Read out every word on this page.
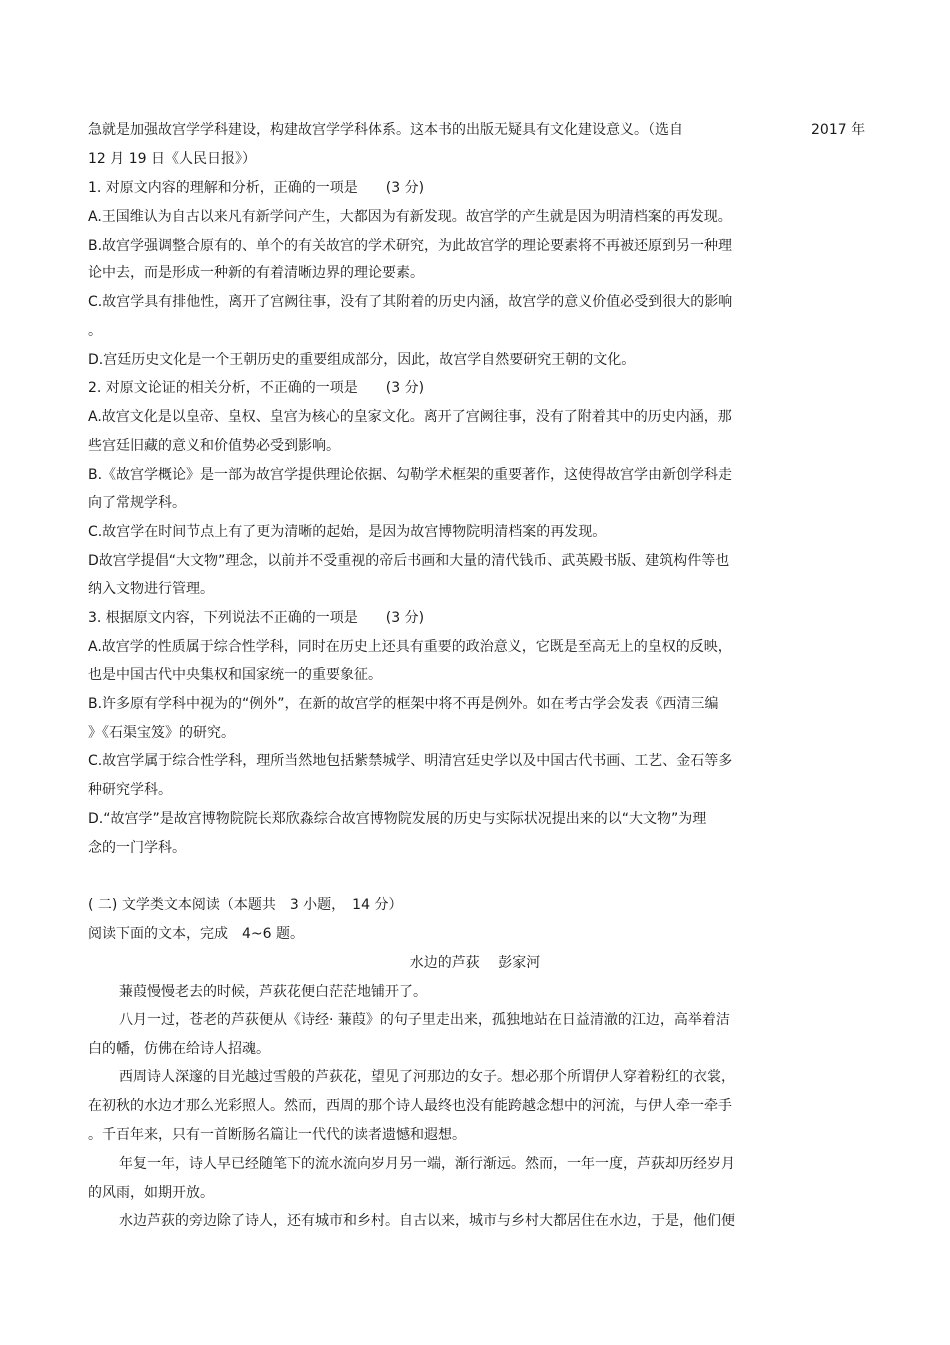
急就是加强故宫学学科建设，构建故宫学学科体系。这本书的出版无疑具有文化建设意义。（选自	2017 年
12 月 19 日《人民日报》）
1. 对原文内容的理解和分析，正确的一项是　　(3 分)
A.王国维认为自古以来凡有新学问产生，大都因为有新发现。故宫学的产生就是因为明清档案的再发现。
B.故宫学强调整合原有的、单个的有关故宫的学术研究，为此故宫学的理论要素将不再被还原到另一种理
论中去，而是形成一种新的有着清晰边界的理论要素。
C.故宫学具有排他性，离开了宫阙往事，没有了其附着的历史内涵，故宫学的意义价值必受到很大的影响
。
D.宫廷历史文化是一个王朝历史的重要组成部分，因此，故宫学自然要研究王朝的文化。
2. 对原文论证的相关分析，不正确的一项是　　(3 分)
A.故宫文化是以皇帝、皇权、皇宫为核心的皇家文化。离开了宫阙往事，没有了附着其中的历史内涵，那
些宫廷旧藏的意义和价值势必受到影响。
B.《故宫学概论》是一部为故宫学提供理论依据、勾勒学术框架的重要著作，这使得故宫学由新创学科走
向了常规学科。
C.故宫学在时间节点上有了更为清晰的起始，是因为故宫博物院明清档案的再发现。
D故宫学提倡“大文物”理念，以前并不受重视的帝后书画和大量的清代钱币、武英殿书版、建筑构件等也
纳入文物进行管理。
3. 根据原文内容，下列说法不正确的一项是　　(3 分)
A.故宫学的性质属于综合性学科，同时在历史上还具有重要的政治意义，它既是至高无上的皇权的反映，
也是中国古代中央集权和国家统一的重要象征。
B.许多原有学科中视为的“例外”，在新的故宫学的框架中将不再是例外。如在考古学会发表《西清三编
》《石渠宝笈》的研究。
C.故宫学属于综合性学科，理所当然地包括紫禁城学、明清宫廷史学以及中国古代书画、工艺、金石等多
种研究学科。
D.“故宫学”是故宫博物院院长郑欣淼综合故宫博物院发展的历史与实际状况提出来的以“大文物”为理
念的一门学科。
( 二) 文学类文本阅读（本题共　3 小题，　14 分）
阅读下面的文本，完成　4~6 题。
水边的芦荻　 彭家河
蒹葭慢慢老去的时候，芦荻花便白茫茫地铺开了。
八月一过，苍老的芦荻便从《诗经· 蒹葭》的句子里走出来，孤独地站在日益清澈的江边，高举着洁
白的幡，仿佛在给诗人招魂。
西周诗人深邃的目光越过雪般的芦荻花，望见了河那边的女子。想必那个所谓伊人穿着粉红的衣裳，
在初秋的水边才那么光彩照人。然而，西周的那个诗人最终也没有能跨越念想中的河流，与伊人牵一牵手
。千百年来，只有一首断肠名篇让一代代的读者遗憾和遐想。
年复一年，诗人早已经随笔下的流水流向岁月另一端，渐行渐远。然而，一年一度，芦荻却历经岁月
的风雨，如期开放。
水边芦荻的旁边除了诗人，还有城市和乡村。自古以来，城市与乡村大都居住在水边，于是，他们便
